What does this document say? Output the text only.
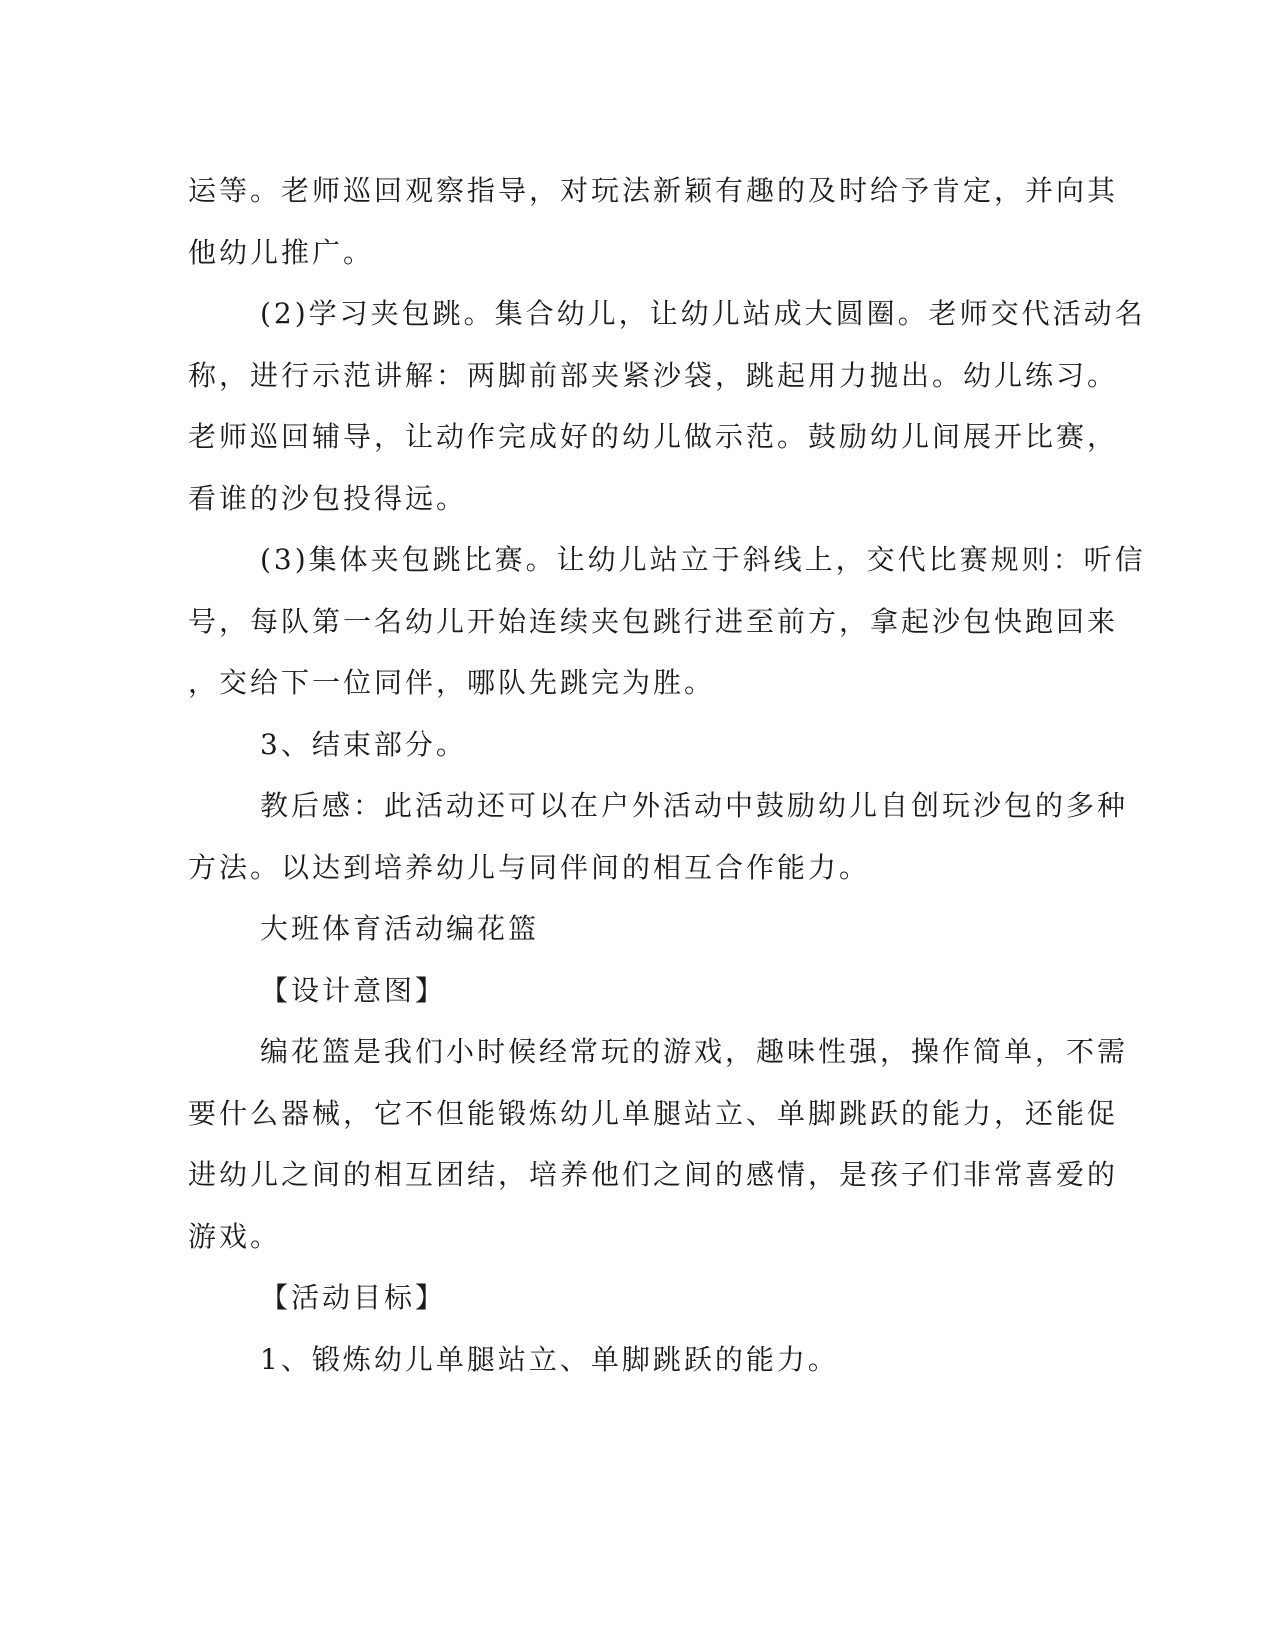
运等。老师巡回观察指导，对玩法新颖有趣的及时给予肯定，并向其
他幼儿推广。
(2)学习夹包跳。集合幼儿，让幼儿站成大圆圈。老师交代活动名
称，进行示范讲解：两脚前部夹紧沙袋，跳起用力抛出。幼儿练习。
老师巡回辅导，让动作完成好的幼儿做示范。鼓励幼儿间展开比赛，
看谁的沙包投得远。
(3)集体夹包跳比赛。让幼儿站立于斜线上，交代比赛规则：听信
号，每队第一名幼儿开始连续夹包跳行进至前方，拿起沙包快跑回来
，交给下一位同伴，哪队先跳完为胜。
3、结束部分。
教后感：此活动还可以在户外活动中鼓励幼儿自创玩沙包的多种
方法。以达到培养幼儿与同伴间的相互合作能力。
大班体育活动编花篮
【设计意图】
编花篮是我们小时候经常玩的游戏，趣味性强，操作简单，不需
要什么器械，它不但能锻炼幼儿单腿站立、单脚跳跃的能力，还能促
进幼儿之间的相互团结，培养他们之间的感情，是孩子们非常喜爱的
游戏。
【活动目标】
1、锻炼幼儿单腿站立、单脚跳跃的能力。
